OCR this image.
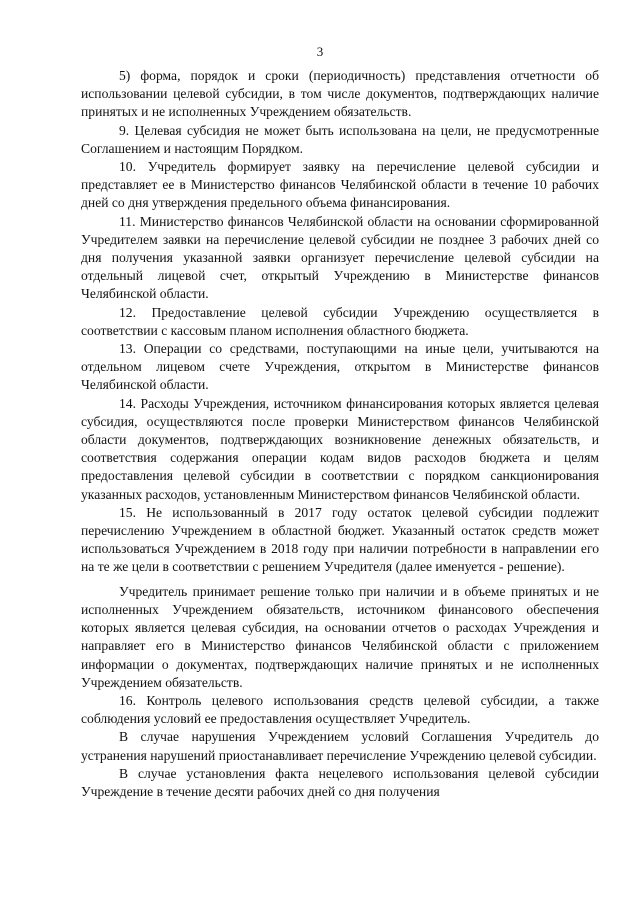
3

5) форма, порядок и сроки (периодичность) представления отчетности об использовании целевой субсидии, в том числе документов, подтверждающих наличие принятых и не исполненных Учреждением обязательств.

9. Целевая субсидия не может быть использована на цели, не предусмотренные Соглашением и настоящим Порядком.

10. Учредитель формирует заявку на перечисление целевой субсидии и представляет ее в Министерство финансов Челябинской области в течение 10 рабочих дней со дня утверждения предельного объема финансирования.

11. Министерство финансов Челябинской области на основании сформированной Учредителем заявки на перечисление целевой субсидии не позднее 3 рабочих дней со дня получения указанной заявки организует перечисление целевой субсидии на отдельный лицевой счет, открытый Учреждению в Министерстве финансов Челябинской области.

12. Предоставление целевой субсидии Учреждению осуществляется в соответствии с кассовым планом исполнения областного бюджета.

13. Операции со средствами, поступающими на иные цели, учитываются на отдельном лицевом счете Учреждения, открытом в Министерстве финансов Челябинской области.

14. Расходы Учреждения, источником финансирования которых является целевая субсидия, осуществляются после проверки Министерством финансов Челябинской области документов, подтверждающих возникновение денежных обязательств, и соответствия содержания операции кодам видов расходов бюджета и целям предоставления целевой субсидии в соответствии с порядком санкционирования указанных расходов, установленным Министерством финансов Челябинской области.

15. Не использованный в 2017 году остаток целевой субсидии подлежит перечислению Учреждением в областной бюджет. Указанный остаток средств может использоваться Учреждением в 2018 году при наличии потребности в направлении его на те же цели в соответствии с решением Учредителя (далее именуется - решение).

Учредитель принимает решение только при наличии и в объеме принятых и не исполненных Учреждением обязательств, источником финансового обеспечения которых является целевая субсидия, на основании отчетов о расходах Учреждения и направляет его в Министерство финансов Челябинской области с приложением информации о документах, подтверждающих наличие принятых и не исполненных Учреждением обязательств.

16. Контроль целевого использования средств целевой субсидии, а также соблюдения условий ее предоставления осуществляет Учредитель.

В случае нарушения Учреждением условий Соглашения Учредитель до устранения нарушений приостанавливает перечисление Учреждению целевой субсидии.

В случае установления факта нецелевого использования целевой субсидии Учреждение в течение десяти рабочих дней со дня получения
